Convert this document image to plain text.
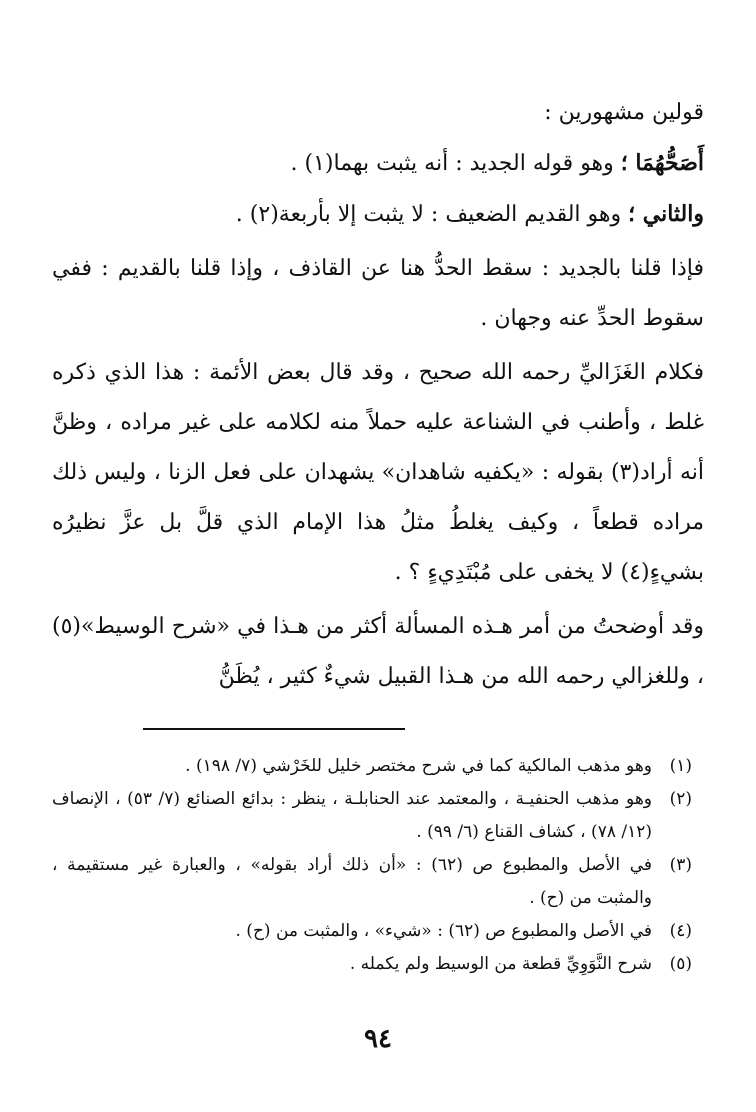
قولين مشهورين :

أَصَحُّهُمَا ؛ وهو قوله الجديد : أنه يثبت بهما(١) .

والثاني ؛ وهو القديم الضعيف : لا يثبت إلا بأربعة(٢) .

فإذا قلنا بالجديد : سقط الحدُّ هنا عن القاذف ، وإذا قلنا بالقديم : ففي سقوط الحدِّ عنه وجهان .

فكلام الغَزَاليِّ رحمه الله صحيح ، وقد قال بعض الأئمة : هذا الذي ذكره غلط ، وأطنب في الشناعة عليه حملاً منه لكلامه على غير مراده ، وظنَّ أنه أراد(٣) بقوله : «يكفيه شاهدان» يشهدان على فعل الزنا ، وليس ذلك مراده قطعاً ، وكيف يغلطُ مثلُ هذا الإمام الذي قلَّ بل عزَّ نظيرُه بشيءٍ(٤) لا يخفى على مُبْتَدِيءٍ ؟ .

وقد أوضحتُ من أمر هـذه المسألة أكثر من هـذا في «شرح الوسيط»(٥) ، وللغزالي رحمه الله من هـذا القبيل شيءٌ كثير ، يُظَنُّ

(١)
وهو مذهب المالكية كما في شرح مختصر خليل للخَرْشي (٧/ ١٩٨) .
(٢)
وهو مذهب الحنفيـة ، والمعتمد عند الحنابلـة ، ينظر : بدائع الصنائع (٧/ ٥٣) ، الإنصاف (١٢/ ٧٨) ، كشاف القناع (٦/ ٩٩) .
(٣)
في الأصل والمطبوع ص (٦٢) : «أن ذلك أراد بقوله» ، والعبارة غير مستقيمة ، والمثبت من (ح) .
(٤)
في الأصل والمطبوع ص (٦٢) : «شيء» ، والمثبت من (ح) .
(٥)
شرح النَّوَوِيِّ قطعة من الوسيط ولم يكمله .
٩٤
